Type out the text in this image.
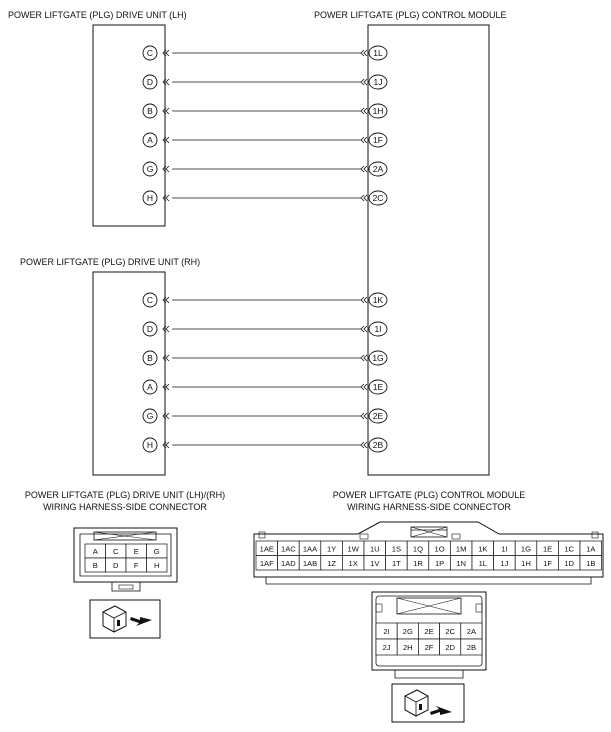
POWER LIFTGATE (PLG) DRIVE UNIT (LH)	POWER LIFTGATE (PLG) CONTROL MODULE
POWER LIFTGATE (PLG) DRIVE UNIT (RH)
C	1L
D	1J
B	1H
A	1F
G	2A
H	2C
C	1K
D	1I
B	1G
A	1E
G	2E
H	2B
POWER LIFTGATE (PLG) DRIVE UNIT (LH)/(RH)
WIRING HARNESS-SIDE CONNECTOR
POWER LIFTGATE (PLG) CONTROL MODULE
WIRING HARNESS-SIDE CONNECTOR
A C E G
B D F H
1AE 1AC 1AA 1Y 1W 1U 1S 1Q 1O 1M 1K 1I 1G 1E 1C 1A
1AF 1AD 1AB 1Z 1X 1V 1T 1R 1P 1N 1L 1J 1H 1F 1D 1B
2I 2G 2E 2C 2A
2J 2H 2F 2D 2B
